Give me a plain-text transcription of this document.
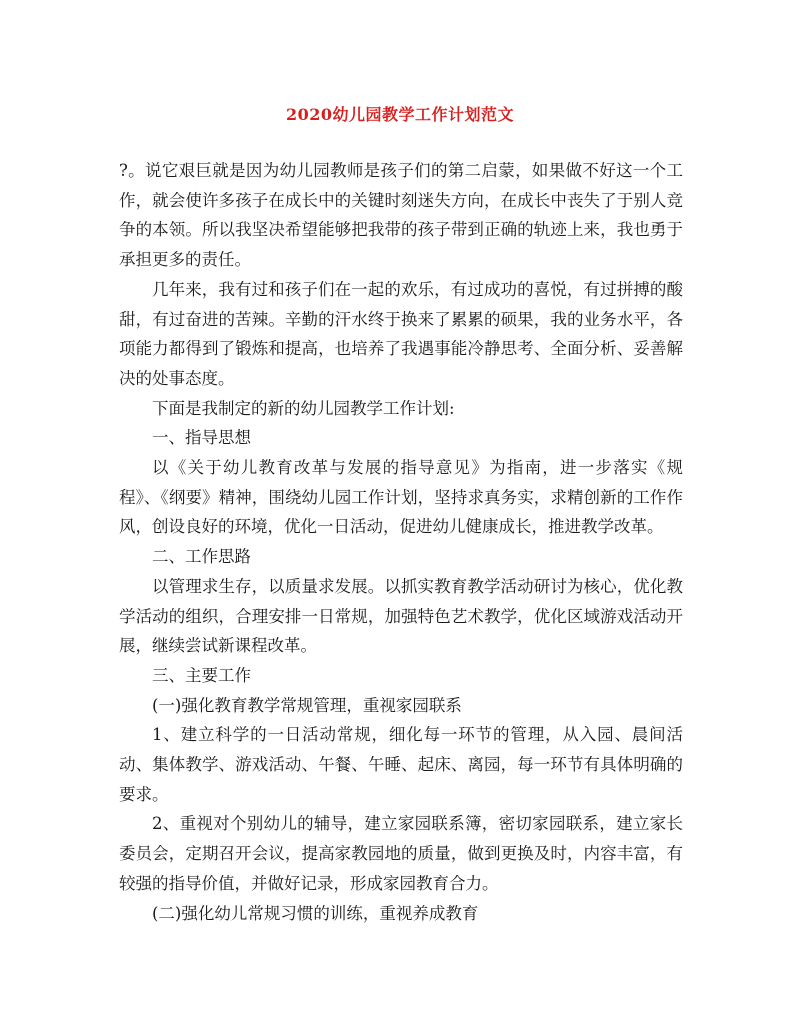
2020幼儿园教学工作计划范文

?。说它艰巨就是因为幼儿园教师是孩子们的第二启蒙，如果做不好这一个工作，就会使许多孩子在成长中的关键时刻迷失方向，在成长中丧失了于别人竞争的本领。所以我坚决希望能够把我带的孩子带到正确的轨迹上来，我也勇于承担更多的责任。

几年来，我有过和孩子们在一起的欢乐，有过成功的喜悦，有过拼搏的酸甜，有过奋进的苦辣。辛勤的汗水终于换来了累累的硕果，我的业务水平，各项能力都得到了锻炼和提高，也培养了我遇事能冷静思考、全面分析、妥善解决的处事态度。

下面是我制定的新的幼儿园教学工作计划:

一、指导思想

以《关于幼儿教育改革与发展的指导意见》为指南，进一步落实《规程》、《纲要》精神，围绕幼儿园工作计划，坚持求真务实，求精创新的工作作风，创设良好的环境，优化一日活动，促进幼儿健康成长，推进教学改革。

二、工作思路

以管理求生存，以质量求发展。以抓实教育教学活动研讨为核心，优化教学活动的组织，合理安排一日常规，加强特色艺术教学，优化区域游戏活动开展，继续尝试新课程改革。

三、主要工作

(一)强化教育教学常规管理，重视家园联系

1、建立科学的一日活动常规，细化每一环节的管理，从入园、晨间活动、集体教学、游戏活动、午餐、午睡、起床、离园，每一环节有具体明确的要求。

2、重视对个别幼儿的辅导，建立家园联系簿，密切家园联系，建立家长委员会，定期召开会议，提高家教园地的质量，做到更换及时，内容丰富，有较强的指导价值，并做好记录，形成家园教育合力。

(二)强化幼儿常规习惯的训练，重视养成教育
